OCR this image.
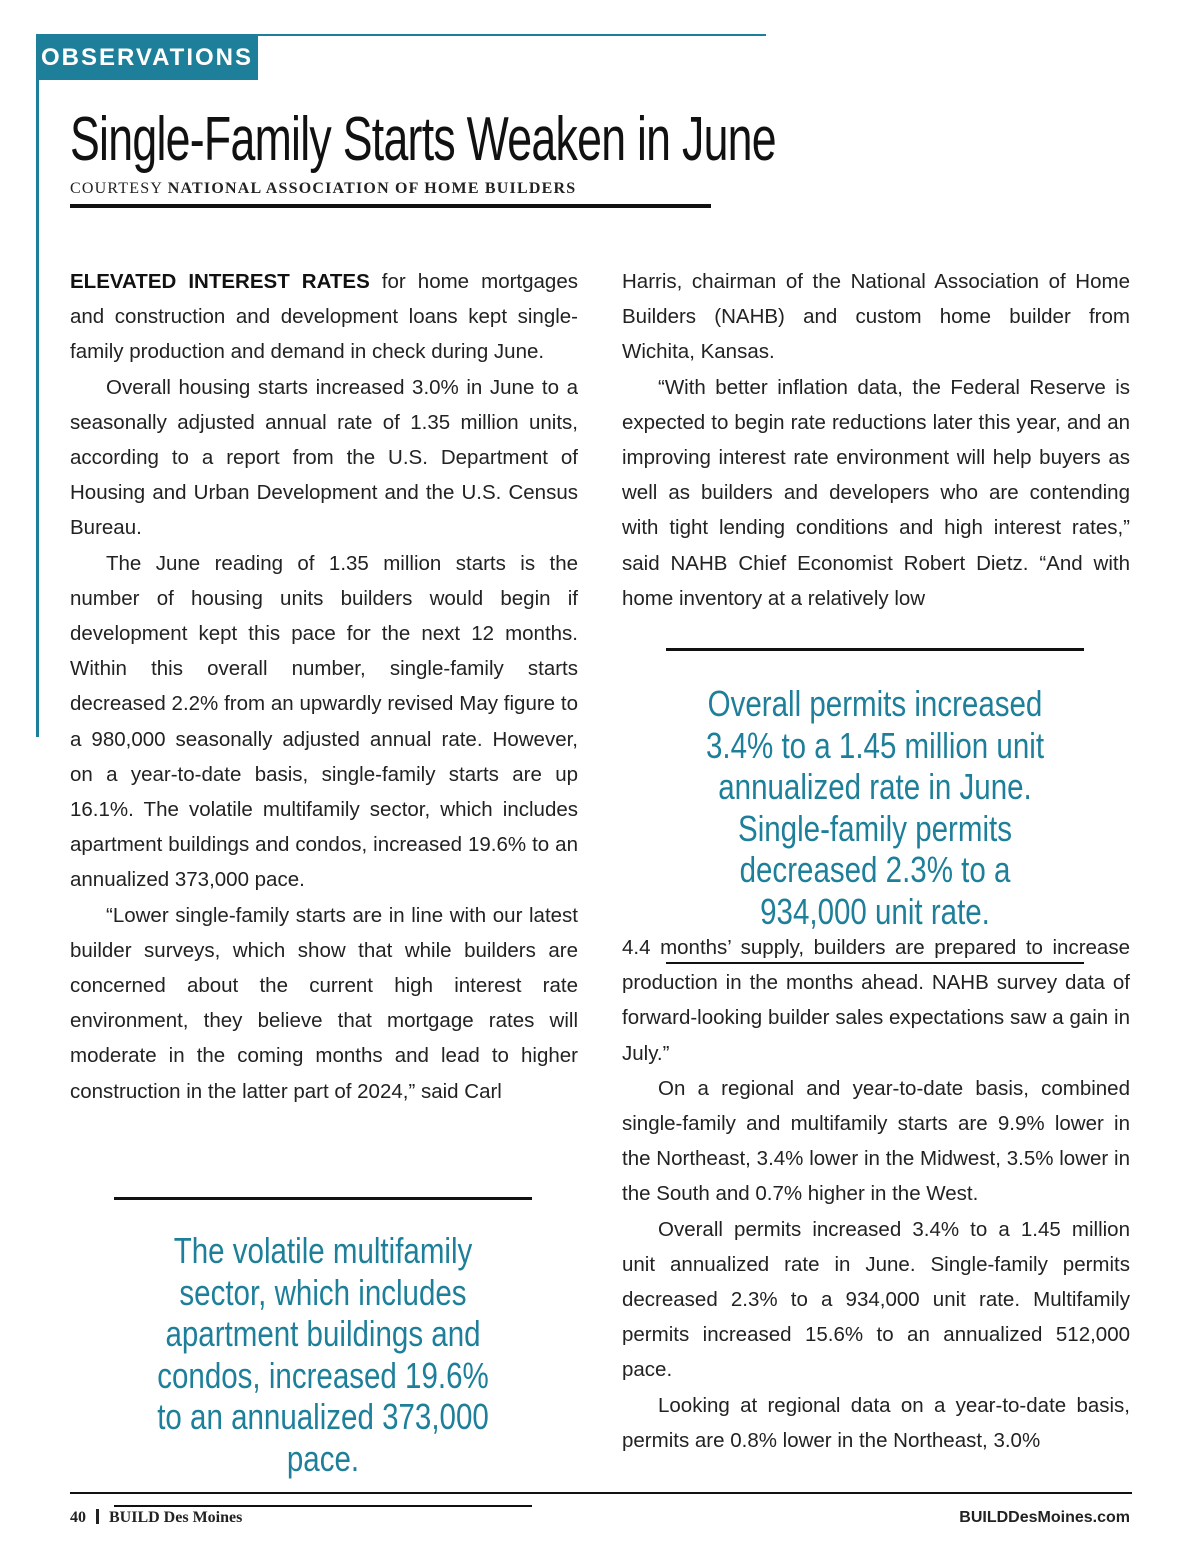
OBSERVATIONS
Single-Family Starts Weaken in June
COURTESY NATIONAL ASSOCIATION OF HOME BUILDERS

ELEVATED INTEREST RATES for home mortgages and construction and development loans kept single-family production and demand in check during June.

Overall housing starts increased 3.0% in June to a seasonally adjusted annual rate of 1.35 million units, according to a report from the U.S. Department of Housing and Urban Development and the U.S. Census Bureau.

The June reading of 1.35 million starts is the number of housing units builders would begin if development kept this pace for the next 12 months. Within this overall number, single-family starts decreased 2.2% from an upwardly revised May figure to a 980,000 seasonally adjusted annual rate. However, on a year-to-date basis, single-family starts are up 16.1%. The volatile multifamily sector, which includes apartment buildings and condos, increased 19.6% to an annualized 373,000 pace.

“Lower single-family starts are in line with our latest builder surveys, which show that while builders are concerned about the current high interest rate environment, they believe that mortgage rates will moderate in the coming months and lead to higher construction in the latter part of 2024,” said Carl

The volatile multifamily sector, which includes apartment buildings and condos, increased 19.6% to an annualized 373,000 pace.

Harris, chairman of the National Association of Home Builders (NAHB) and custom home builder from Wichita, Kansas.

“With better inflation data, the Federal Reserve is expected to begin rate reductions later this year, and an improving interest rate environment will help buyers as well as builders and developers who are contending with tight lending conditions and high interest rates,” said NAHB Chief Economist Robert Dietz. “And with home inventory at a relatively low

Overall permits increased 3.4% to a 1.45 million unit annualized rate in June. Single-family permits decreased 2.3% to a 934,000 unit rate.

4.4 months’ supply, builders are prepared to increase production in the months ahead. NAHB survey data of forward-looking builder sales expectations saw a gain in July.”

On a regional and year-to-date basis, combined single-family and multifamily starts are 9.9% lower in the Northeast, 3.4% lower in the Midwest, 3.5% lower in the South and 0.7% higher in the West.

Overall permits increased 3.4% to a 1.45 million unit annualized rate in June. Single-family permits decreased 2.3% to a 934,000 unit rate. Multifamily permits increased 15.6% to an annualized 512,000 pace.

Looking at regional data on a year-to-date basis, permits are 0.8% lower in the Northeast, 3.0%

40 BUILD Des Moines	BUILDDesMoines.com
